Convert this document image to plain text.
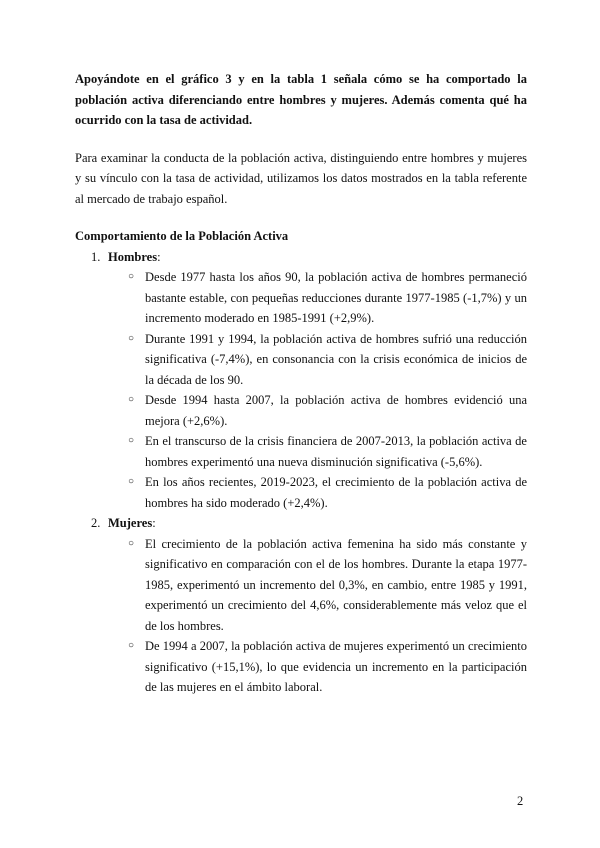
Apoyándote en el gráfico 3 y en la tabla 1 señala cómo se ha comportado la población activa diferenciando entre hombres y mujeres. Además comenta qué ha ocurrido con la tasa de actividad.

Para examinar la conducta de la población activa, distinguiendo entre hombres y mujeres y su vínculo con la tasa de actividad, utilizamos los datos mostrados en la tabla referente al mercado de trabajo español.

Comportamiento de la Población Activa

1. Hombres:
○ Desde 1977 hasta los años 90, la población activa de hombres permaneció bastante estable, con pequeñas reducciones durante 1977-1985 (-1,7%) y un incremento moderado en 1985-1991 (+2,9%).
○ Durante 1991 y 1994, la población activa de hombres sufrió una reducción significativa (-7,4%), en consonancia con la crisis económica de inicios de la década de los 90.
○ Desde 1994 hasta 2007, la población activa de hombres evidenció una mejora (+2,6%).
○ En el transcurso de la crisis financiera de 2007-2013, la población activa de hombres experimentó una nueva disminución significativa (-5,6%).
○ En los años recientes, 2019-2023, el crecimiento de la población activa de hombres ha sido moderado (+2,4%).
2. Mujeres:
○ El crecimiento de la población activa femenina ha sido más constante y significativo en comparación con el de los hombres. Durante la etapa 1977-1985, experimentó un incremento del 0,3%, en cambio, entre 1985 y 1991, experimentó un crecimiento del 4,6%, considerablemente más veloz que el de los hombres.
○ De 1994 a 2007, la población activa de mujeres experimentó un crecimiento significativo (+15,1%), lo que evidencia un incremento en la participación de las mujeres en el ámbito laboral.
2
